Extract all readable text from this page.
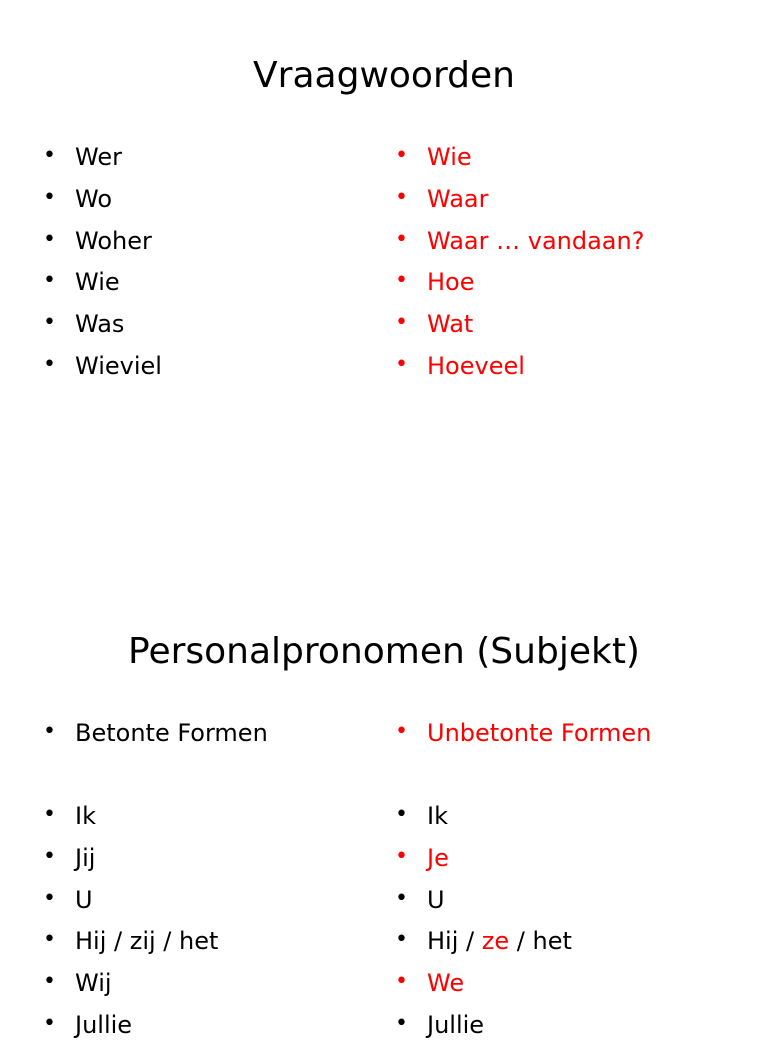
Vraagwoorden
• Wer
• Wo
• Woher
• Wie
• Was
• Wieviel
• Wie
• Waar
• Waar … vandaan?
• Hoe
• Wat
• Hoeveel
Personalpronomen (Subjekt)
• Betonte Formen
• Ik
• Jij
• U
• Hij / zij / het
• Wij
• Jullie
• Unbetonte Formen
• Ik
• Je
• U
• Hij / ze / het
• We
• Jullie
